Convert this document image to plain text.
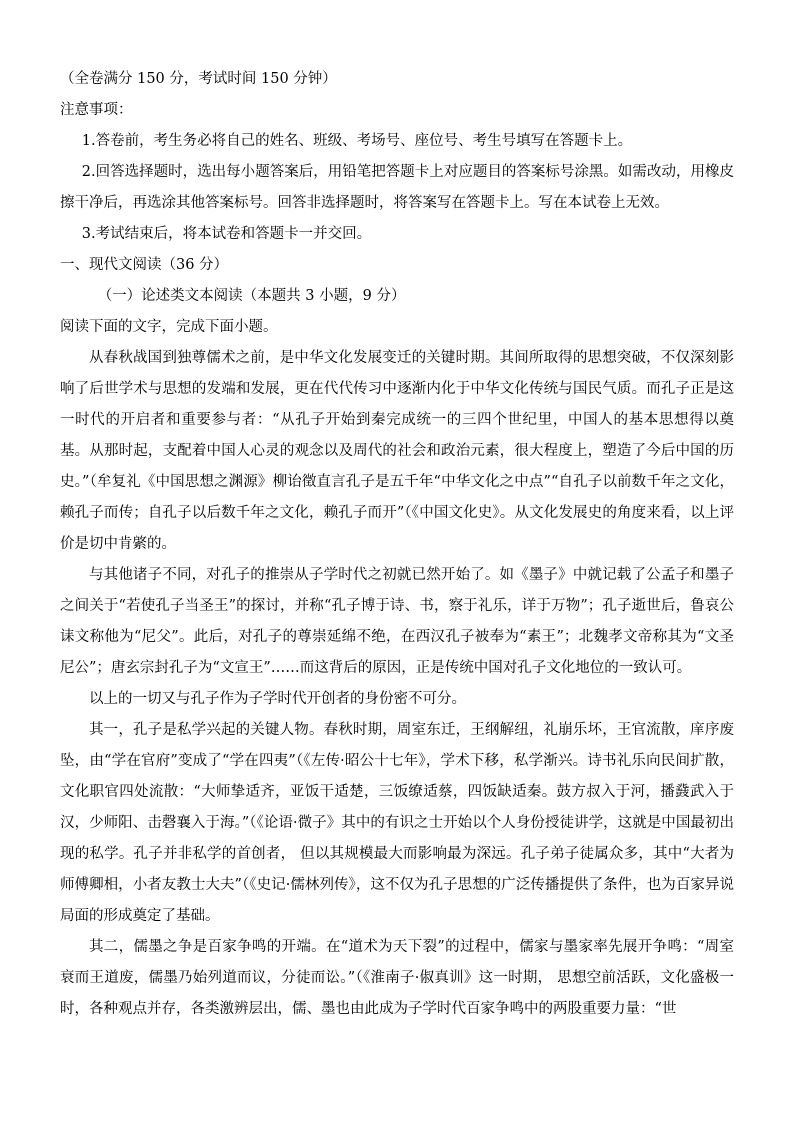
（全卷满分 150 分，考试时间 150 分钟）

注意事项：

1.答卷前，考生务必将自己的姓名、班级、考场号、座位号、考生号填写在答题卡上。

2.回答选择题时，选出每小题答案后，用铅笔把答题卡上对应题目的答案标号涂黑。如需改动，用橡皮擦干净后，再选涂其他答案标号。回答非选择题时，将答案写在答题卡上。写在本试卷上无效。

3.考试结束后，将本试卷和答题卡一并交回。

一、现代文阅读（36 分）

（一）论述类文本阅读（本题共 3 小题，9 分）

阅读下面的文字，完成下面小题。

从春秋战国到独尊儒术之前，是中华文化发展变迁的关键时期。其间所取得的思想突破，不仅深刻影响了后世学术与思想的发端和发展，更在代代传习中逐渐内化于中华文化传统与国民气质。而孔子正是这一时代的开启者和重要参与者：“从孔子开始到秦完成统一的三四个世纪里，中国人的基本思想得以奠基。从那时起，支配着中国人心灵的观念以及周代的社会和政治元素，很大程度上，塑造了今后中国的历史。”（牟复礼《中国思想之渊源》柳诒徵直言孔子是五千年“中华文化之中点”“自孔子以前数千年之文化，赖孔子而传；自孔子以后数千年之文化，赖孔子而开”（《中国文化史》。从文化发展史的角度来看，以上评价是切中肯綮的。

与其他诸子不同，对孔子的推崇从子学时代之初就已然开始了。如《墨子》中就记载了公孟子和墨子之间关于“若使孔子当圣王”的探讨，并称“孔子博于诗、书，察于礼乐，详于万物”；孔子逝世后，鲁哀公诔文称他为“尼父”。此后，对孔子的尊崇延绵不绝，在西汉孔子被奉为“素王”；北魏孝文帝称其为“文圣尼公”；唐玄宗封孔子为“文宣王”……而这背后的原因，正是传统中国对孔子文化地位的一致认可。

以上的一切又与孔子作为子学时代开创者的身份密不可分。

其一，孔子是私学兴起的关键人物。春秋时期，周室东迁，王纲解纽，礼崩乐坏，王官流散，庠序废坠，由“学在官府”变成了“学在四夷”（《左传·昭公十七年》，学术下移，私学渐兴。诗书礼乐向民间扩散，文化职官四处流散：“大师挚适齐，亚饭干适楚，三饭缭适蔡，四饭缺适秦。鼓方叔入于河，播鼗武入于汉，少师阳、击磬襄入于海。”（《论语·微子》其中的有识之士开始以个人身份授徒讲学，这就是中国最初出现的私学。孔子并非私学的首创者， 但以其规模最大而影响最为深远。孔子弟子徒属众多，其中“大者为师傅卿相，小者友教士大夫”（《史记·儒林列传》，这不仅为孔子思想的广泛传播提供了条件，也为百家异说局面的形成奠定了基础。

其二，儒墨之争是百家争鸣的开端。在“道术为天下裂”的过程中，儒家与墨家率先展开争鸣：“周室衰而王道废，儒墨乃始列道而议，分徒而讼。”（《淮南子·俶真训》这一时期， 思想空前活跃，文化盛极一时，各种观点并存，各类激辨层出，儒、墨也由此成为子学时代百家争鸣中的两股重要力量：“世
